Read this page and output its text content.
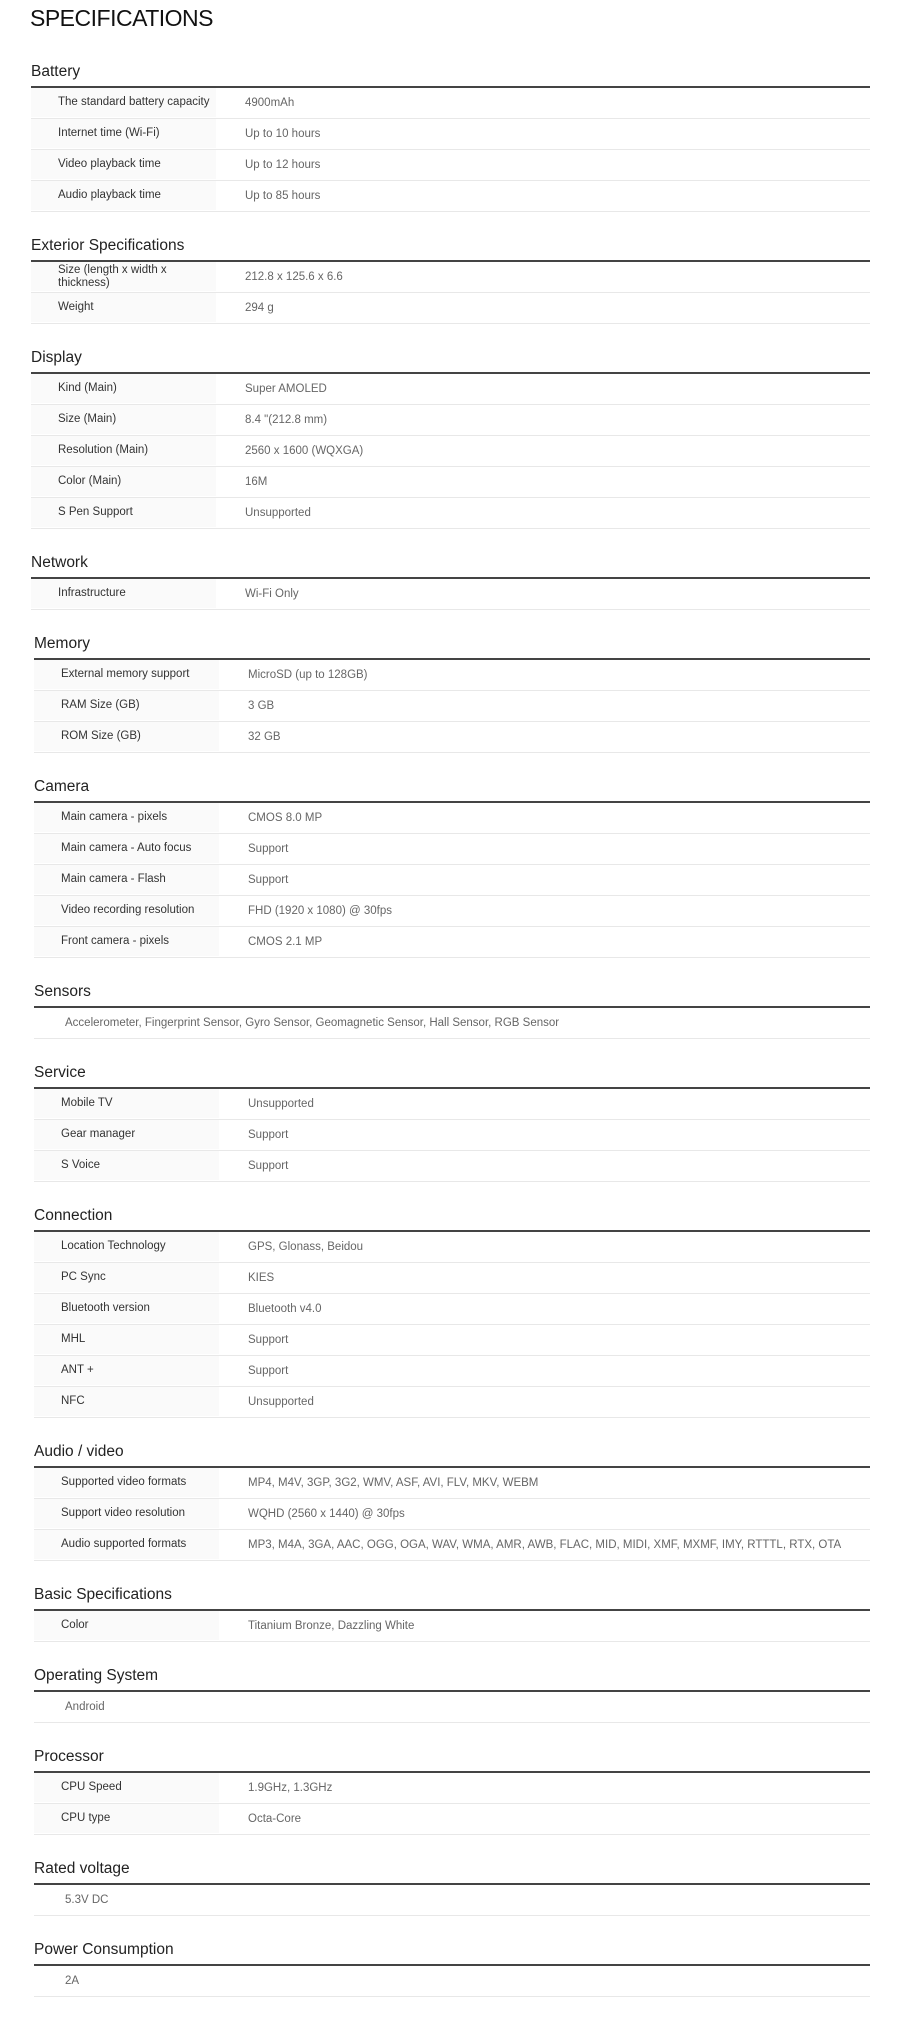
SPECIFICATIONS
Battery
The standard battery capacity	4900mAh
Internet time (Wi-Fi)	Up to 10 hours
Video playback time	Up to 12 hours
Audio playback time	Up to 85 hours
Exterior Specifications
Size (length x width x thickness)	212.8 x 125.6 x 6.6
Weight	294 g
Display
Kind (Main)	Super AMOLED
Size (Main)	8.4 "(212.8 mm)
Resolution (Main)	2560 x 1600 (WQXGA)
Color (Main)	16M
S Pen Support	Unsupported
Network
Infrastructure	Wi-Fi Only
Memory
External memory support	MicroSD (up to 128GB)
RAM Size (GB)	3 GB
ROM Size (GB)	32 GB
Camera
Main camera - pixels	CMOS 8.0 MP
Main camera - Auto focus	Support
Main camera - Flash	Support
Video recording resolution	FHD (1920 x 1080) @ 30fps
Front camera - pixels	CMOS 2.1 MP
Sensors
Accelerometer, Fingerprint Sensor, Gyro Sensor, Geomagnetic Sensor, Hall Sensor, RGB Sensor
Service
Mobile TV	Unsupported
Gear manager	Support
S Voice	Support
Connection
Location Technology	GPS, Glonass, Beidou
PC Sync	KIES
Bluetooth version	Bluetooth v4.0
MHL	Support
ANT +	Support
NFC	Unsupported
Audio / video
Supported video formats	MP4, M4V, 3GP, 3G2, WMV, ASF, AVI, FLV, MKV, WEBM
Support video resolution	WQHD (2560 x 1440) @ 30fps
Audio supported formats	MP3, M4A, 3GA, AAC, OGG, OGA, WAV, WMA, AMR, AWB, FLAC, MID, MIDI, XMF, MXMF, IMY, RTTTL, RTX, OTA
Basic Specifications
Color	Titanium Bronze, Dazzling White
Operating System
Android
Processor
CPU Speed	1.9GHz, 1.3GHz
CPU type	Octa-Core
Rated voltage
5.3V DC
Power Consumption
2A
